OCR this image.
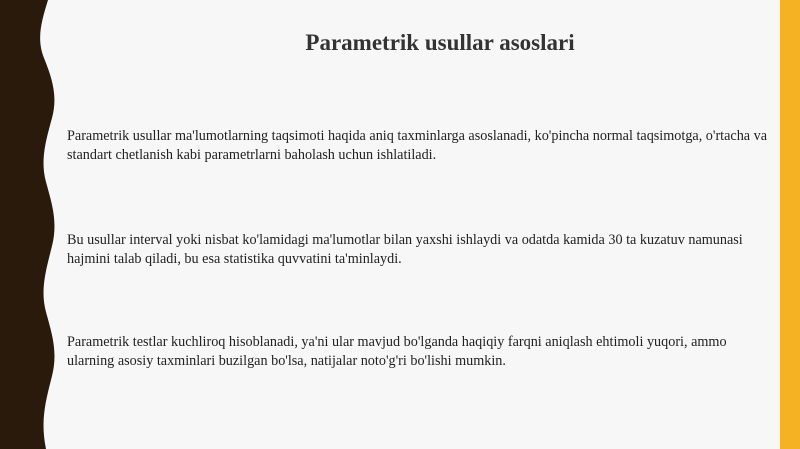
Parametrik usullar asoslari

Parametrik usullar ma'lumotlarning taqsimoti haqida aniq taxminlarga asoslanadi, ko'pincha normal taqsimotga, o'rtacha va standart chetlanish kabi parametrlarni baholash uchun ishlatiladi.

Bu usullar interval yoki nisbat ko'lamidagi ma'lumotlar bilan yaxshi ishlaydi va odatda kamida 30 ta kuzatuv namunasi hajmini talab qiladi, bu esa statistika quvvatini ta'minlaydi.

Parametrik testlar kuchliroq hisoblanadi, ya'ni ular mavjud bo'lganda haqiqiy farqni aniqlash ehtimoli yuqori, ammo ularning asosiy taxminlari buzilgan bo'lsa, natijalar noto'g'ri bo'lishi mumkin.
